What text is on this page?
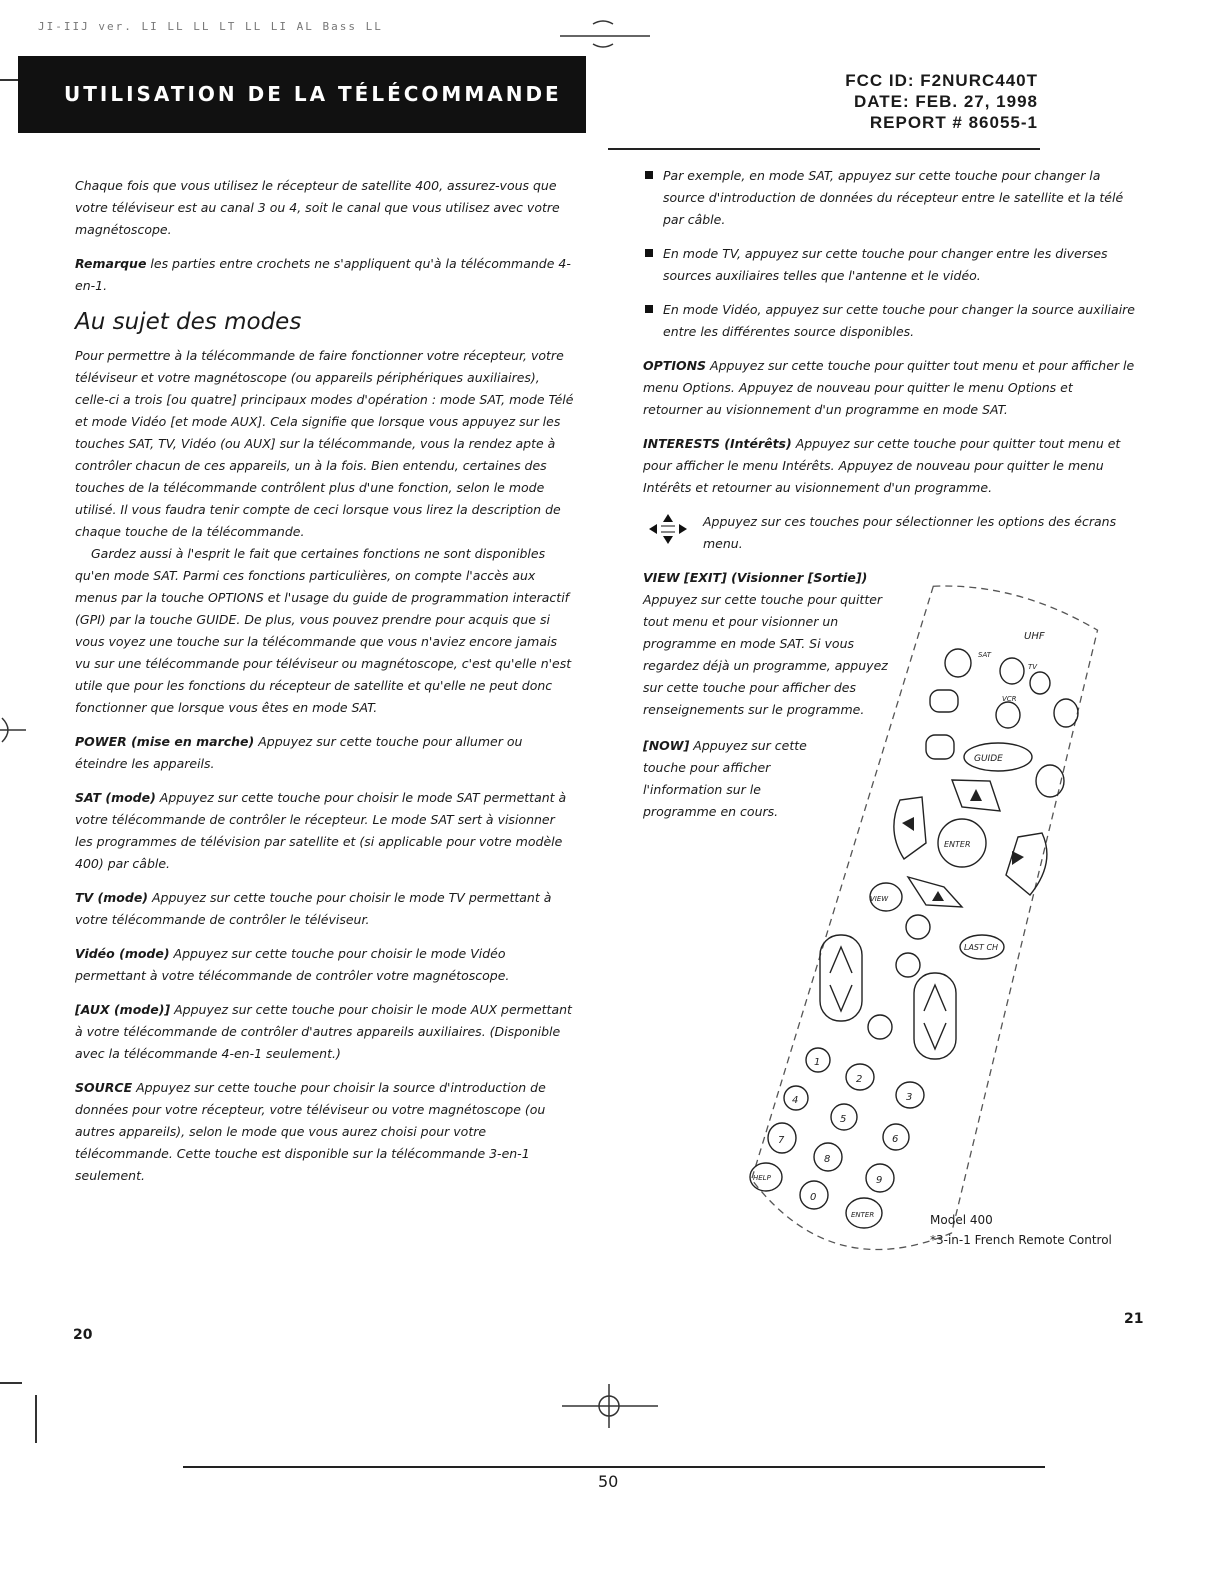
JI-IIJ ver. LI LL LL LT LL LI AL Bass LL
UTILISATION DE LA TÉLÉCOMMANDE
FCC ID: F2NURC440T
DATE: FEB. 27, 1998
REPORT # 86055-1

Chaque fois que vous utilisez le récepteur de satellite 400, assurez-vous que votre téléviseur est au canal 3 ou 4, soit le canal que vous utilisez avec votre magnétoscope.

Remarque les parties entre crochets ne s'appliquent qu'à la télécommande 4-en-1.

Au sujet des modes

Pour permettre à la télécommande de faire fonctionner votre récepteur, votre téléviseur et votre magnétoscope (ou appareils périphériques auxiliaires), celle-ci a trois [ou quatre] principaux modes d'opération : mode SAT, mode Télé et mode Vidéo [et mode AUX]. Cela signifie que lorsque vous appuyez sur les touches SAT, TV, Vidéo (ou AUX] sur la télécommande, vous la rendez apte à contrôler chacun de ces appareils, un à la fois. Bien entendu, certaines des touches de la télécommande contrôlent plus d'une fonction, selon le mode utilisé. Il vous faudra tenir compte de ceci lorsque vous lirez la description de chaque touche de la télécommande.

Gardez aussi à l'esprit le fait que certaines fonctions ne sont disponibles qu'en mode SAT. Parmi ces fonctions particulières, on compte l'accès aux menus par la touche OPTIONS et l'usage du guide de programmation interactif (GPI) par la touche GUIDE. De plus, vous pouvez prendre pour acquis que si vous voyez une touche sur la télécommande que vous n'aviez encore jamais vu sur une télécommande pour téléviseur ou magnétoscope, c'est qu'elle n'est utile que pour les fonctions du récepteur de satellite et qu'elle ne peut donc fonctionner que lorsque vous êtes en mode SAT.

POWER (mise en marche) Appuyez sur cette touche pour allumer ou éteindre les appareils.

SAT (mode) Appuyez sur cette touche pour choisir le mode SAT permettant à votre télécommande de contrôler le récepteur. Le mode SAT sert à visionner les programmes de télévision par satellite et (si applicable pour votre modèle 400) par câble.

TV (mode) Appuyez sur cette touche pour choisir le mode TV permettant à votre télécommande de contrôler le téléviseur.

Vidéo (mode) Appuyez sur cette touche pour choisir le mode Vidéo permettant à votre télécommande de contrôler votre magnétoscope.

[AUX (mode)] Appuyez sur cette touche pour choisir le mode AUX permettant à votre télécommande de contrôler d'autres appareils auxiliaires. (Disponible avec la télécommande 4-en-1 seulement.)

SOURCE Appuyez sur cette touche pour choisir la source d'introduction de données pour votre récepteur, votre téléviseur ou votre magnétoscope (ou autres appareils), selon le mode que vous aurez choisi pour votre télécommande. Cette touche est disponible sur la télécommande 3-en-1 seulement.

Par exemple, en mode SAT, appuyez sur cette touche pour changer la source d'introduction de données du récepteur entre le satellite et la télé par câble.
En mode TV, appuyez sur cette touche pour changer entre les diverses sources auxiliaires telles que l'antenne et le vidéo.
En mode Vidéo, appuyez sur cette touche pour changer la source auxiliaire entre les différentes source disponibles.

OPTIONS Appuyez sur cette touche pour quitter tout menu et pour afficher le menu Options. Appuyez de nouveau pour quitter le menu Options et retourner au visionnement d'un programme en mode SAT.

INTERESTS (Intérêts) Appuyez sur cette touche pour quitter tout menu et pour afficher le menu Intérêts. Appuyez de nouveau pour quitter le menu Intérêts et retourner au visionnement d'un programme.

Appuyez sur ces touches pour sélectionner les options des écrans menu.
VIEW [EXIT] (Visionner [Sortie])
Appuyez sur cette touche pour quitter tout menu et pour visionner un programme en mode SAT. Si vous regardez déjà un programme, appuyez sur cette touche pour afficher des renseignements sur le programme.
[NOW] Appuyez sur cette touche pour afficher l'information sur le programme en cours.
UHF
SAT
TV
VCR
GUIDE
ENTER
VIEW
LAST CH
HELP
ENTER
1
2
3
4
5
6
7
8
9
0
Model 400
*3-in-1 French Remote Control
20
21
50
